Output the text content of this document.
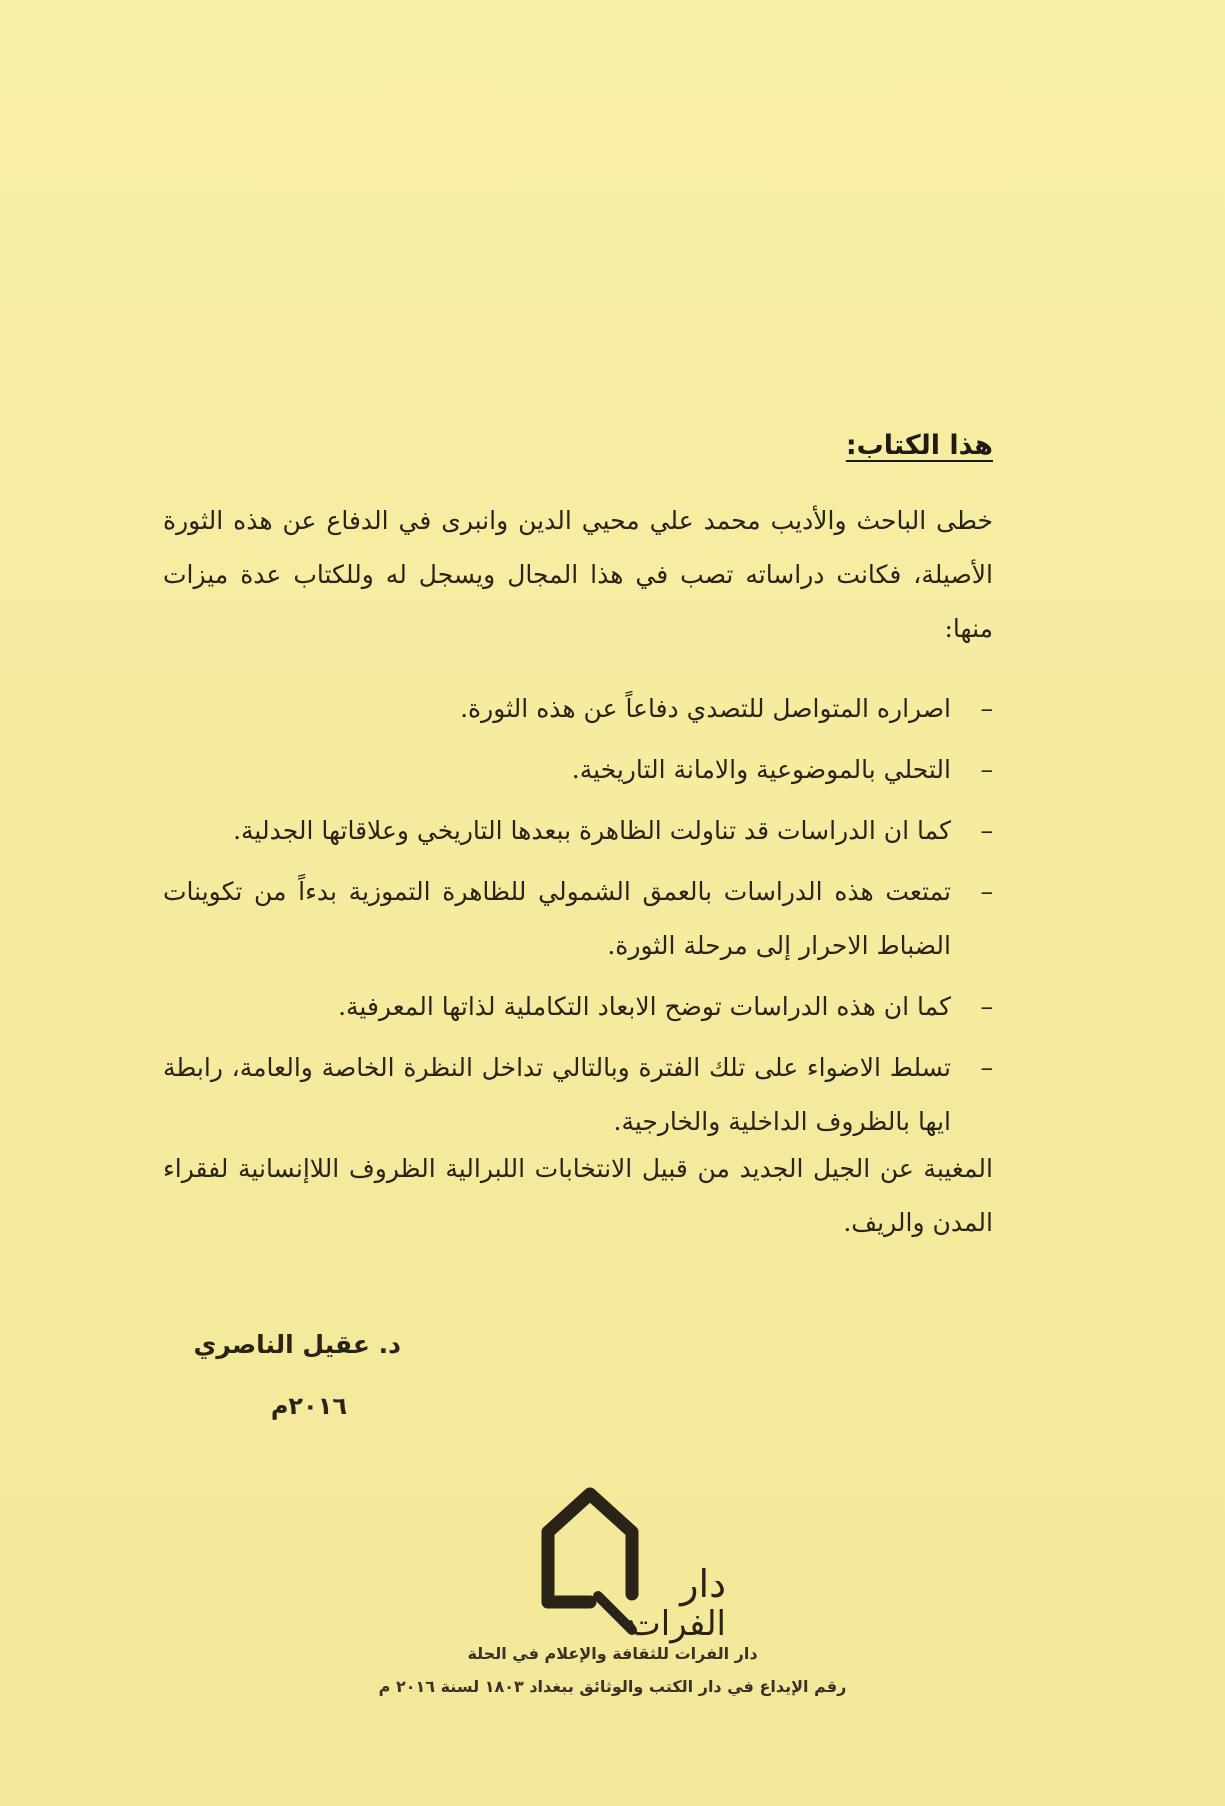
هذا الكتاب:
خطى الباحث والأديب محمد علي محيي الدين وانبرى في الدفاع عن هذه الثورة الأصيلة، فكانت دراساته تصب في هذا المجال ويسجل له وللكتاب عدة ميزات منها:
–
اصراره المتواصل للتصدي دفاعاً عن هذه الثورة.
–
التحلي بالموضوعية والامانة التاريخية.
–
كما ان الدراسات قد تناولت الظاهرة ببعدها التاريخي وعلاقاتها الجدلية.
–
تمتعت هذه الدراسات بالعمق الشمولي للظاهرة التموزية بدءاً من تكوينات الضباط الاحرار إلى مرحلة الثورة.
–
كما ان هذه الدراسات توضح الابعاد التكاملية لذاتها المعرفية.
–
تسلط الاضواء على تلك الفترة وبالتالي تداخل النظرة الخاصة والعامة، رابطة ايها بالظروف الداخلية والخارجية.
المغيبة عن الجيل الجديد من قبيل الانتخابات اللبرالية الظروف اللاإنسانية لفقراء المدن والريف.
د. عقيل الناصري
٢٠١٦م
دار
الفرات
دار الفرات للثقافة والإعلام في الحلة
رقم الإيداع في دار الكتب والوثائق ببغداد ١٨٠٣ لسنة ٢٠١٦ م
